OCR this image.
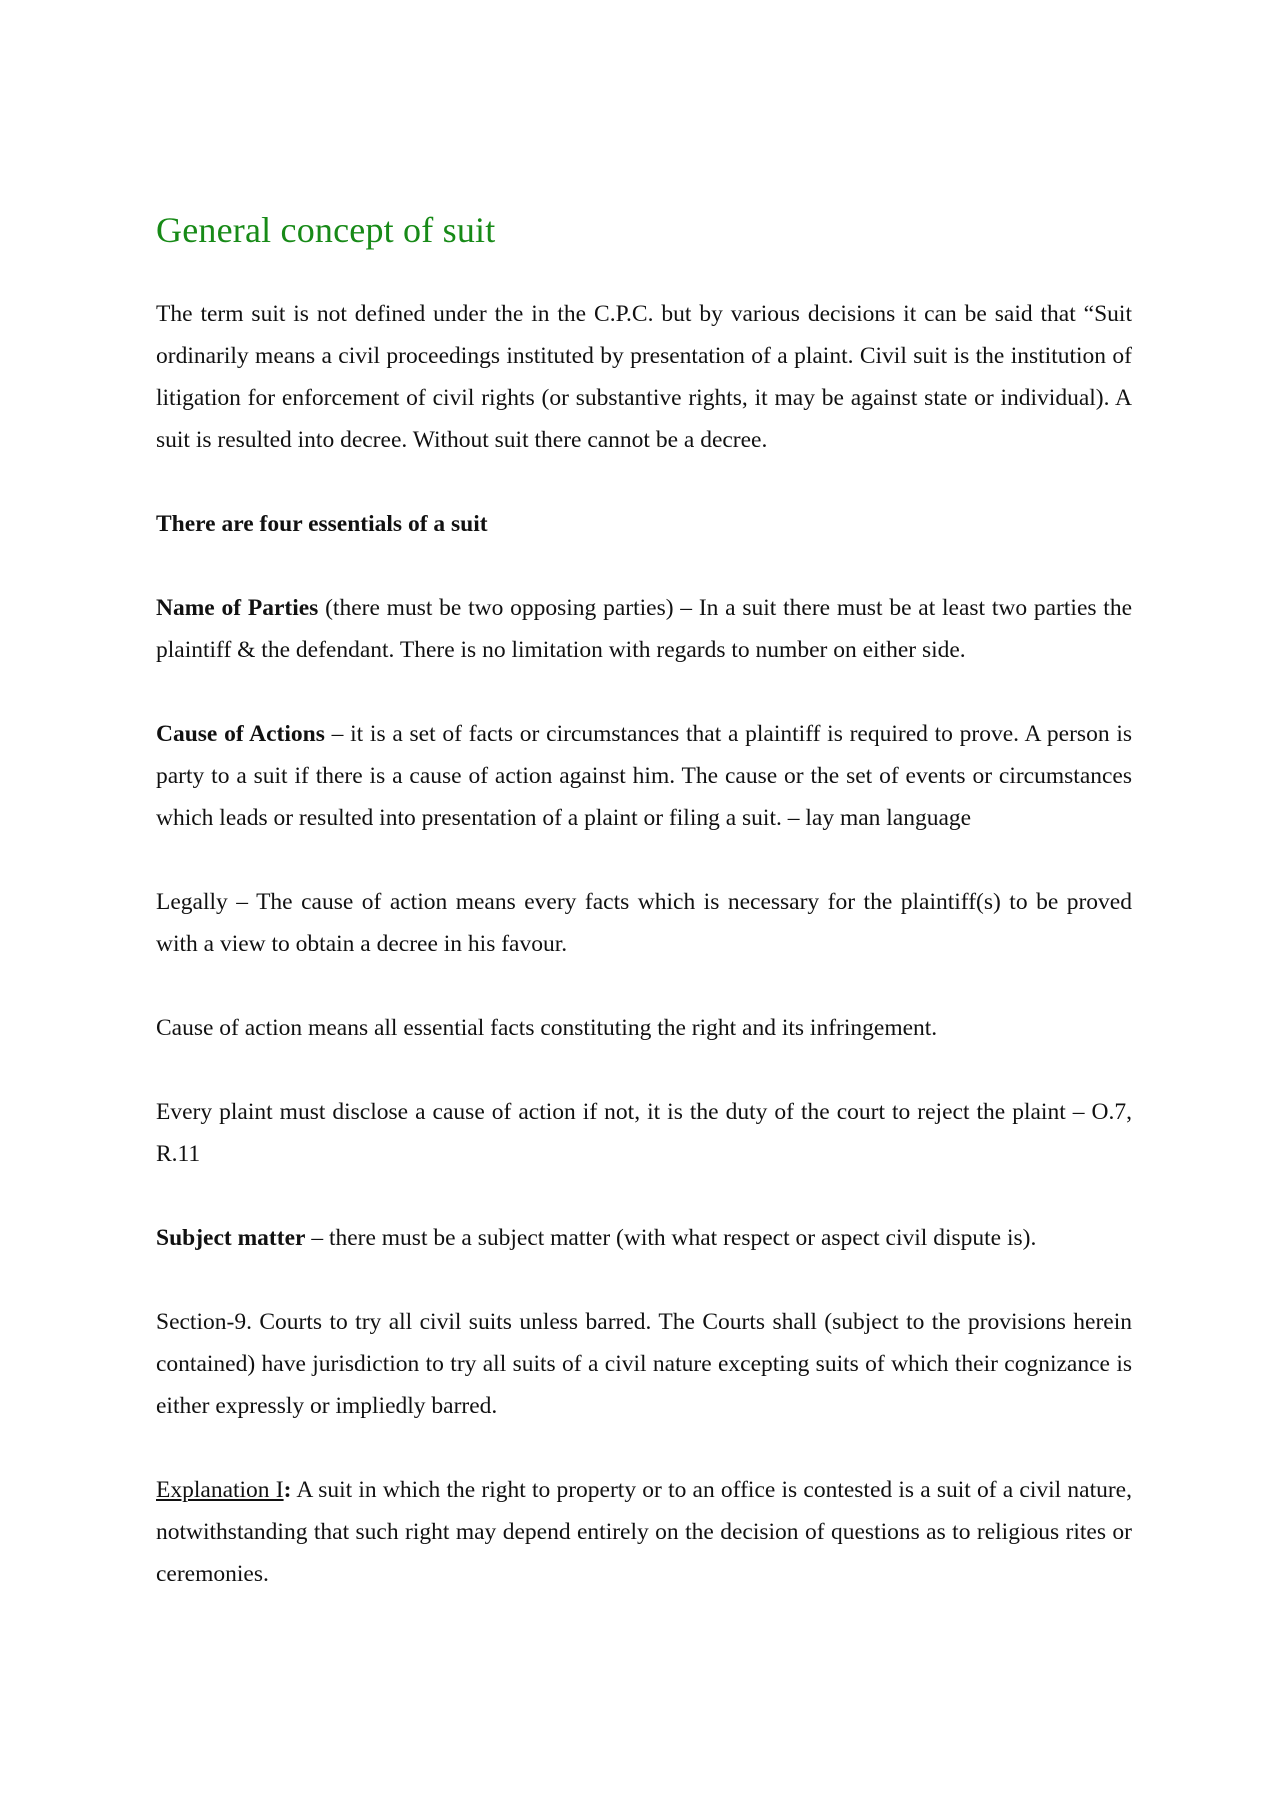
General concept of suit

The term suit is not defined under the in the C.P.C. but by various decisions it can be said that “Suit ordinarily means a civil proceedings instituted by presentation of a plaint. Civil suit is the institution of litigation for enforcement of civil rights (or substantive rights, it may be against state or individual). A suit is resulted into decree. Without suit there cannot be a decree.

There are four essentials of a suit

Name of Parties (there must be two opposing parties) – In a suit there must be at least two parties the plaintiff & the defendant. There is no limitation with regards to number on either side.

Cause of Actions – it is a set of facts or circumstances that a plaintiff is required to prove. A person is party to a suit if there is a cause of action against him. The cause or the set of events or circumstances which leads or resulted into presentation of a plaint or filing a suit. – lay man language

Legally – The cause of action means every facts which is necessary for the plaintiff(s) to be proved with a view to obtain a decree in his favour.

Cause of action means all essential facts constituting the right and its infringement.

Every plaint must disclose a cause of action if not, it is the duty of the court to reject the plaint – O.7, R.11

Subject matter – there must be a subject matter (with what respect or aspect civil dispute is).

Section-9. Courts to try all civil suits unless barred. The Courts shall (subject to the provisions herein contained) have jurisdiction to try all suits of a civil nature excepting suits of which their cognizance is either expressly or impliedly barred.

Explanation I: A suit in which the right to property or to an office is contested is a suit of a civil nature, notwithstanding that such right may depend entirely on the decision of questions as to religious rites or ceremonies.
